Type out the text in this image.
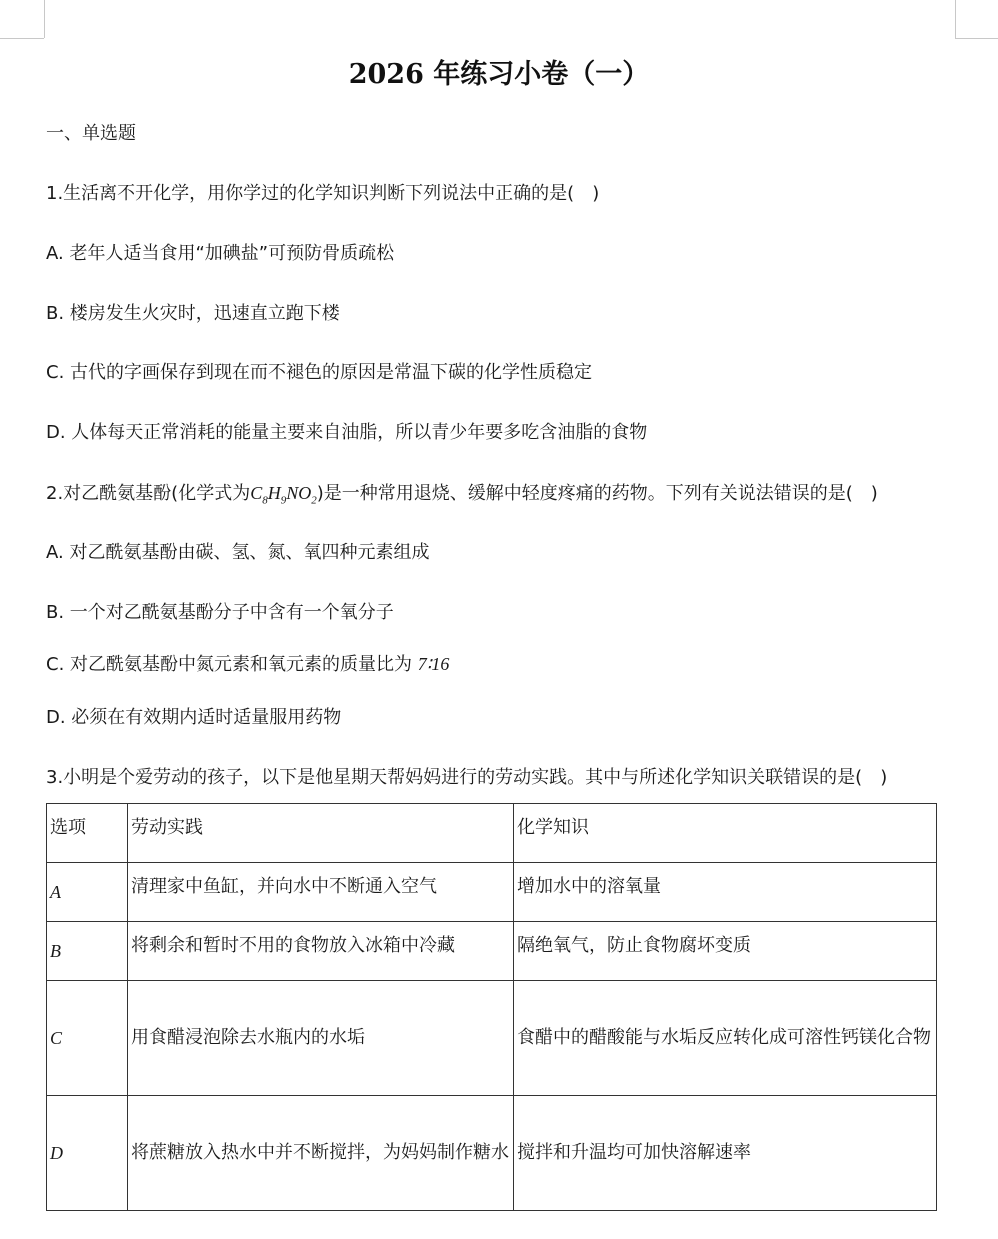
2026 年练习小卷（一）
一、单选题
1.生活离不开化学，用你学过的化学知识判断下列说法中正确的是(　)
A. 老年人适当食用“加碘盐”可预防骨质疏松
B. 楼房发生火灾时，迅速直立跑下楼
C. 古代的字画保存到现在而不褪色的原因是常温下碳的化学性质稳定
D. 人体每天正常消耗的能量主要来自油脂，所以青少年要多吃含油脂的食物
2.对乙酰氨基酚(化学式为$C_8H_9NO_2$)是一种常用退烧、缓解中轻度疼痛的药物。下列有关说法错误的是(　)
A. 对乙酰氨基酚由碳、氢、氮、氧四种元素组成
B. 一个对乙酰氨基酚分子中含有一个氧分子
C. 对乙酰氨基酚中氮元素和氧元素的质量比为 7∶16
D. 必须在有效期内适时适量服用药物
3.小明是个爱劳动的孩子，以下是他星期天帮妈妈进行的劳动实践。其中与所述化学知识关联错误的是(　)
选项	劳动实践	化学知识
A	清理家中鱼缸，并向水中不断通入空气	增加水中的溶氧量
B	将剩余和暂时不用的食物放入冰箱中冷藏	隔绝氧气，防止食物腐坏变质
C	用食醋浸泡除去水瓶内的水垢	食醋中的醋酸能与水垢反应转化成可溶性钙镁化合物
D	将蔗糖放入热水中并不断搅拌，为妈妈制作糖水	搅拌和升温均可加快溶解速率
